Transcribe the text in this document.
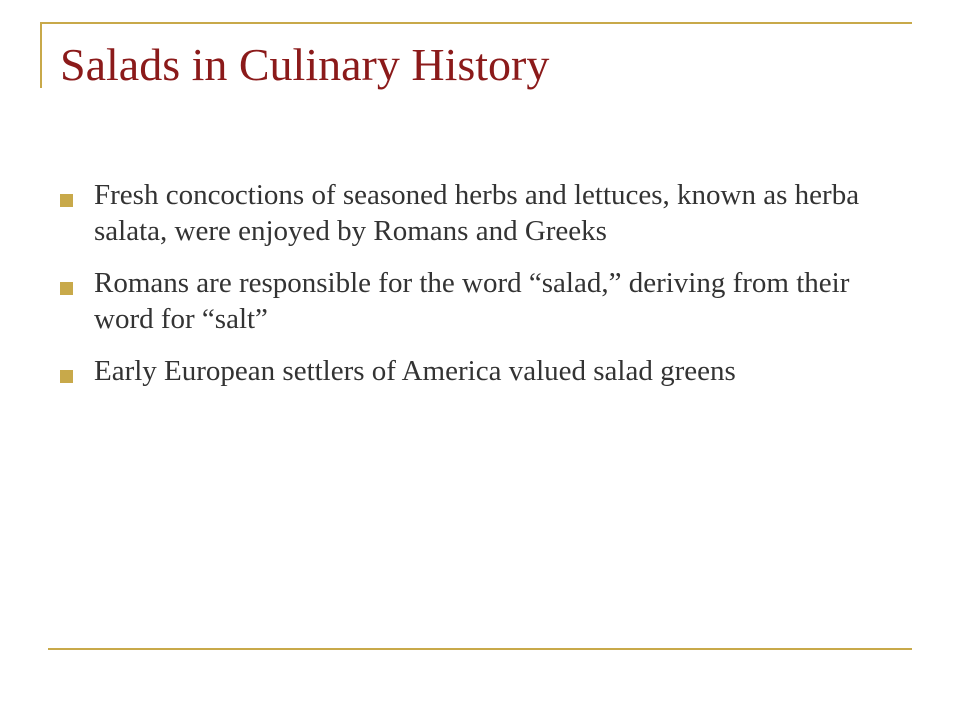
Salads in Culinary History
Fresh concoctions of seasoned herbs and lettuces, known as herba salata, were enjoyed by Romans and Greeks
Romans are responsible for the word “salad,” deriving from their word for “salt”
Early European settlers of America valued salad greens
